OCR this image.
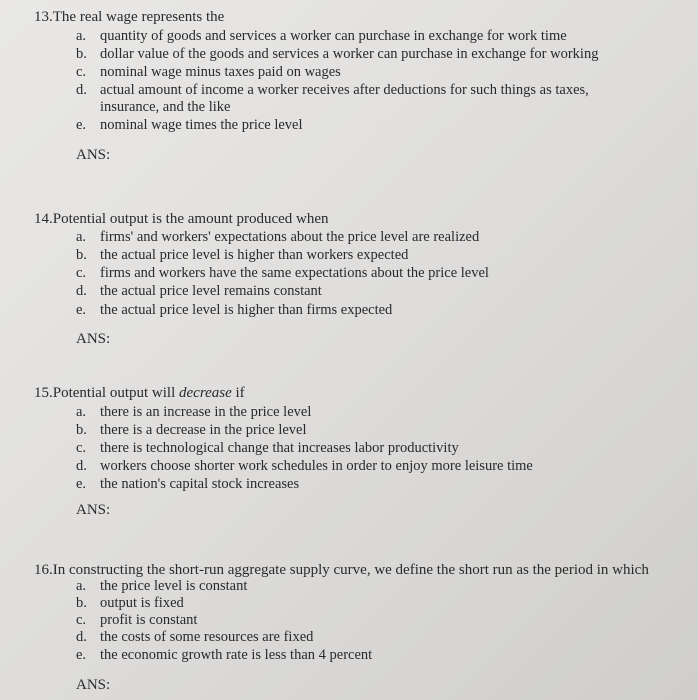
13.The real wage represents the
a. quantity of goods and services a worker can purchase in exchange for work time
b. dollar value of the goods and services a worker can purchase in exchange for working
c. nominal wage minus taxes paid on wages
d. actual amount of income a worker receives after deductions for such things as taxes,
insurance, and the like
e. nominal wage times the price level
ANS:
14.Potential output is the amount produced when
a. firms' and workers' expectations about the price level are realized
b. the actual price level is higher than workers expected
c. firms and workers have the same expectations about the price level
d. the actual price level remains constant
e. the actual price level is higher than firms expected
ANS:
15.Potential output will decrease if
a. there is an increase in the price level
b. there is a decrease in the price level
c. there is technological change that increases labor productivity
d. workers choose shorter work schedules in order to enjoy more leisure time
e. the nation's capital stock increases
ANS:
16.In constructing the short-run aggregate supply curve, we define the short run as the period in which
a. the price level is constant
b. output is fixed
c. profit is constant
d. the costs of some resources are fixed
e. the economic growth rate is less than 4 percent
ANS:
